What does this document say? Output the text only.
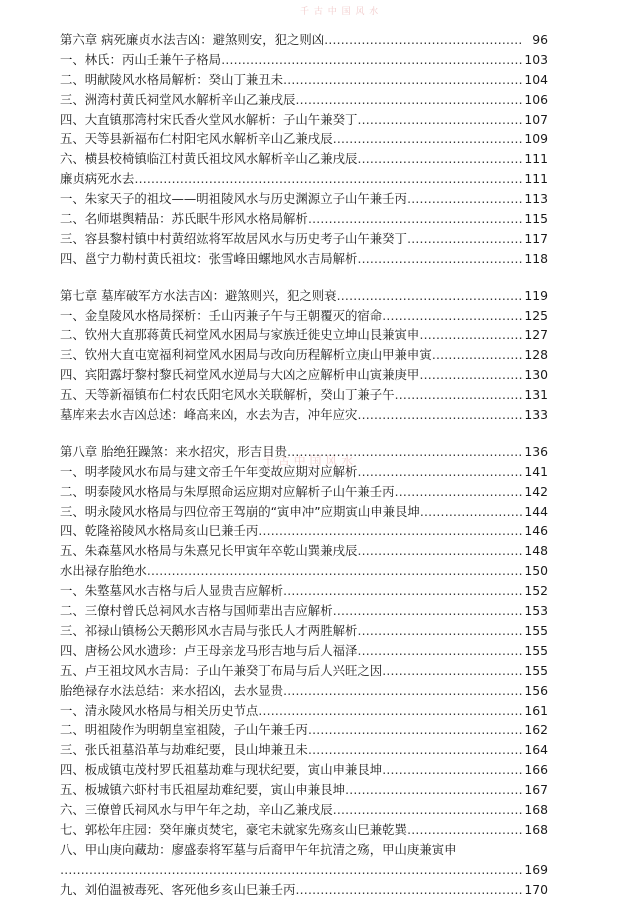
千 古 中 国 风 水
千 古 中 国 风 水
第六章 病死廉贞水法吉凶：避煞则安，犯之则凶 ………………………………………………………………………………………………………………………………………………………………………………………………	96
一、林氏：丙山壬兼午子格局 ………………………………………………………………………………………………………………………………………………………………………………………………	103
二、明献陵风水格局解析：癸山丁兼丑未 ………………………………………………………………………………………………………………………………………………………………………………………………	104
三、洲湾村黄氏祠堂风水解析辛山乙兼戌辰 ………………………………………………………………………………………………………………………………………………………………………………………………	106
四、大直镇那湾村宋氏香火堂风水解析：子山午兼癸丁 ………………………………………………………………………………………………………………………………………………………………………………………………	107
五、天等县新福布仁村阳宅风水解析辛山乙兼戌辰 ………………………………………………………………………………………………………………………………………………………………………………………………	109
六、横县校椅镇临江村黄氏祖坟风水解析辛山乙兼戌辰 ………………………………………………………………………………………………………………………………………………………………………………………………	111
廉贞病死水去 ………………………………………………………………………………………………………………………………………………………………………………………………	111
一、朱家天子的祖坟——明祖陵风水与历史渊源立子山午兼壬丙 ………………………………………………………………………………………………………………………………………………………………………………………………	113
二、名师堪舆精品：苏氏眠牛形风水格局解析 ………………………………………………………………………………………………………………………………………………………………………………………………	115
三、容县黎村镇中村黄绍竑将军故居风水与历史考子山午兼癸丁 ………………………………………………………………………………………………………………………………………………………………………………………………	117
四、邕宁力勒村黄氏祖坟：张雪峰田螺地风水吉局解析 ………………………………………………………………………………………………………………………………………………………………………………………………	118
第七章 墓库破军方水法吉凶：避煞则兴，犯之则衰 ………………………………………………………………………………………………………………………………………………………………………………………………	119
一、金皇陵风水格局探析：壬山丙兼子午与王朝覆灭的宿命 ………………………………………………………………………………………………………………………………………………………………………………………………	125
二、钦州大直那蒋黄氏祠堂风水困局与家族迁徙史立坤山艮兼寅申 ………………………………………………………………………………………………………………………………………………………………………………………………	127
三、钦州大直屯宽福利祠堂风水困局与改向历程解析立庚山甲兼申寅 ………………………………………………………………………………………………………………………………………………………………………………………………	128
四、宾阳露圩黎村黎氏祠堂风水逆局与大凶之应解析申山寅兼庚甲 ………………………………………………………………………………………………………………………………………………………………………………………………	130
五、天等新福镇布仁村农氏阳宅风水关联解析，癸山丁兼子午 ………………………………………………………………………………………………………………………………………………………………………………………………	131
墓库来去水吉凶总述：峰高来凶，水去为吉，冲年应灾 ………………………………………………………………………………………………………………………………………………………………………………………………	133
第八章 胎绝狂躁煞：来水招灾，形吉目贵 ………………………………………………………………………………………………………………………………………………………………………………………………	136
一、明孝陵风水布局与建文帝壬午年变故应期对应解析 ………………………………………………………………………………………………………………………………………………………………………………………………	141
二、明泰陵风水格局与朱厚照命运应期对应解析子山午兼壬丙 ………………………………………………………………………………………………………………………………………………………………………………………………	142
三、明永陵风水格局与四位帝王驾崩的“寅申冲”应期寅山申兼艮坤 ………………………………………………………………………………………………………………………………………………………………………………………………	144
四、乾隆裕陵风水格局亥山巳兼壬丙 ………………………………………………………………………………………………………………………………………………………………………………………………	146
五、朱森墓风水格局与朱熹兄长甲寅年卒乾山巽兼戌辰 ………………………………………………………………………………………………………………………………………………………………………………………………	148
水出禄存胎绝水 ………………………………………………………………………………………………………………………………………………………………………………………………	150
一、朱墪墓风水吉格与后人显贵吉应解析 ………………………………………………………………………………………………………………………………………………………………………………………………	152
二、三僚村曾氏总祠风水吉格与国师辈出吉应解析 ………………………………………………………………………………………………………………………………………………………………………………………………	153
三、祁禄山镇杨公天鹅形风水吉局与张氏人才两胜解析 ………………………………………………………………………………………………………………………………………………………………………………………………	155
四、唐杨公风水遗珍：卢王母亲龙马形吉地与后人福泽 ………………………………………………………………………………………………………………………………………………………………………………………………	155
五、卢王祖坟风水吉局：子山午兼癸丁布局与后人兴旺之因 ………………………………………………………………………………………………………………………………………………………………………………………………	155
胎绝禄存水法总结：来水招凶，去水显贵 ………………………………………………………………………………………………………………………………………………………………………………………………	156
一、清永陵风水格局与相关历史节点 ………………………………………………………………………………………………………………………………………………………………………………………………	161
二、明祖陵作为明朝皇室祖陵，子山午兼壬丙 ………………………………………………………………………………………………………………………………………………………………………………………………	162
三、张氏祖墓沿革与劫难纪要，艮山坤兼丑未 ………………………………………………………………………………………………………………………………………………………………………………………………	164
四、板成镇屯茂村罗氏祖墓劫难与现状纪要，寅山申兼艮坤 ………………………………………………………………………………………………………………………………………………………………………………………………	166
五、板城镇六虾村韦氏祖屋劫难纪要，寅山申兼艮坤 ………………………………………………………………………………………………………………………………………………………………………………………………	167
六、三僚曾氏祠风水与甲午年之劫，辛山乙兼戌辰 ………………………………………………………………………………………………………………………………………………………………………………………………	168
七、郭松年庄园：癸年廉贞焚宅，豪宅未就家先殇亥山巳兼乾巽 ………………………………………………………………………………………………………………………………………………………………………………………………	168
八、甲山庚向藏劫：廖盛泰将军墓与后裔甲午年抗清之殇，甲山庚兼寅申
………………………………………………………………………………………………………………………………………………………………
169
九、刘伯温被毒死、客死他乡亥山巳兼壬丙 ………………………………………………………………………………………………………………………………………………………………………………………………	170
